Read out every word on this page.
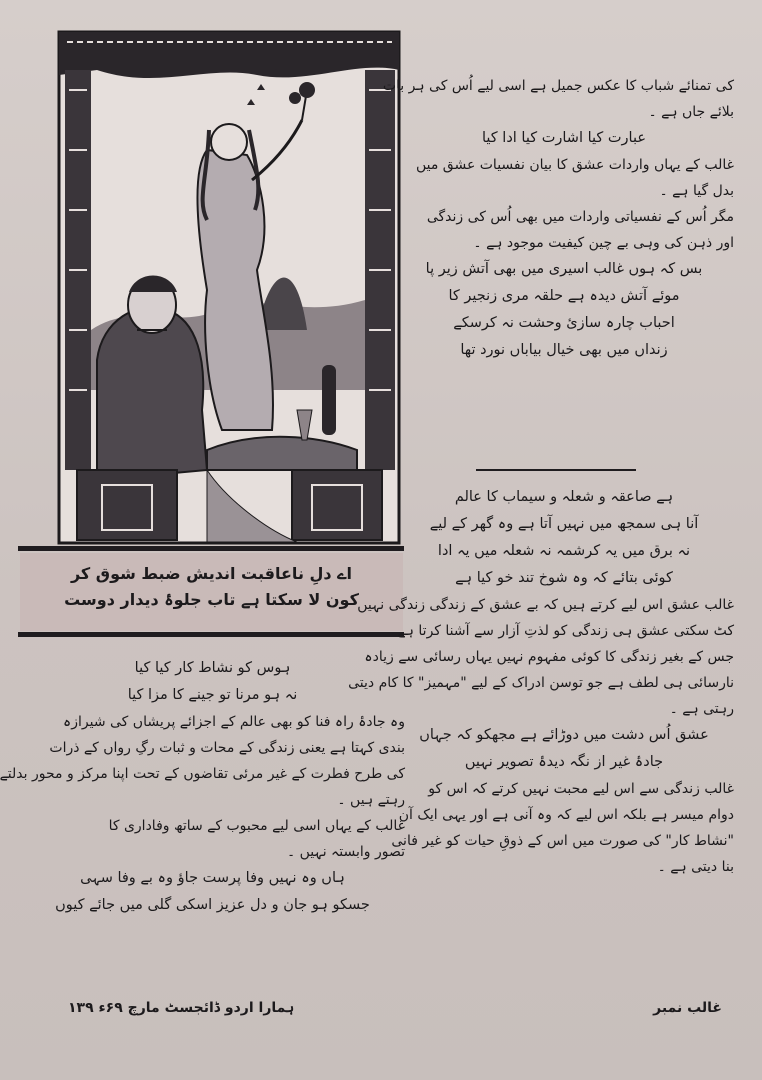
اے دلِ ناعاقبت اندیش ضبط شوق کر
کون لا سکتا ہے تاب جلوۂ دیدار دوست
کی تمنائے شباب کا عکس جمیل ہے اسی لیے اُس کی ہر بات
بلائے جاں ہے ۔
عبارت کیا اشارت کیا ادا کیا
غالب کے یہاں واردات عشق کا بیان نفسیات عشق میں
بدل گیا ہے ۔
مگر اُس کے نفسیاتی واردات میں بھی اُس کی زندگی
اور ذہن کی وہی بے چین کیفیت موجود ہے ۔
بس کہ ہوں غالب اسیری میں بھی آتش زیر پا
موئے آتش دیدہ ہے حلقہ مری زنجیر کا
احباب چارہ سازیٔ وحشت نہ کرسکے
زنداں میں بھی خیال بیاباں نورد تھا
ہے صاعقہ و شعلہ و سیماب کا عالم
آنا ہی سمجھ میں نہیں آتا ہے وہ گھر کے لیے
نہ برق میں یہ کرشمہ نہ شعلہ میں یہ ادا
کوئی بتائے کہ وہ شوخ تند خو کیا ہے
غالب عشق اس لیے کرتے ہیں کہ بے عشق کے زندگی زندگی نہیں
کٹ سکتی عشق ہی زندگی کو لذتِ آزار سے آشنا کرتا ہے
جس کے بغیر زندگی کا کوئی مفہوم نہیں یہاں رسائی سے زیادہ
نارسائی ہی لطف ہے جو توسن ادراک کے لیے "مہمیز" کا کام دیتی
رہتی ہے ۔
عشق اُس دشت میں دوڑائے ہے مجھکو کہ جہاں
جادۂ غیر از نگہ دیدۂ تصویر نہیں
غالب زندگی سے اس لیے محبت نہیں کرتے کہ اس کو
دوام میسر ہے بلکہ اس لیے کہ وہ آنی ہے اور یہی ایک آن
"نشاط کار" کی صورت میں اس کے ذوقِ حیات کو غیر فانی
بنا دیتی ہے ۔
ہوس کو نشاط کار کیا کیا
نہ ہو مرنا تو جینے کا مزا کیا
وہ جادۂ راہ فنا کو بھی عالم کے اجزائے پریشاں کی شیرازہ
بندی کہتا ہے یعنی زندگی کے محات و ثبات رگِ رواں کے ذرات
کی طرح فطرت کے غیر مرئی تقاضوں کے تحت اپنا مرکز و محور بدلتے
رہتے ہیں ۔
غالب کے یہاں اسی لیے محبوب کے ساتھ وفاداری کا
تصور وابستہ نہیں ۔
ہاں وہ نہیں وفا پرست جاؤ وہ بے وفا سہی
جسکو ہو جان و دل عزیز اسکی گلی میں جائے کیوں
ہمارا اردو ڈائجسٹ مارچ ۶۹ء ۱۳۹	غالب نمبر
